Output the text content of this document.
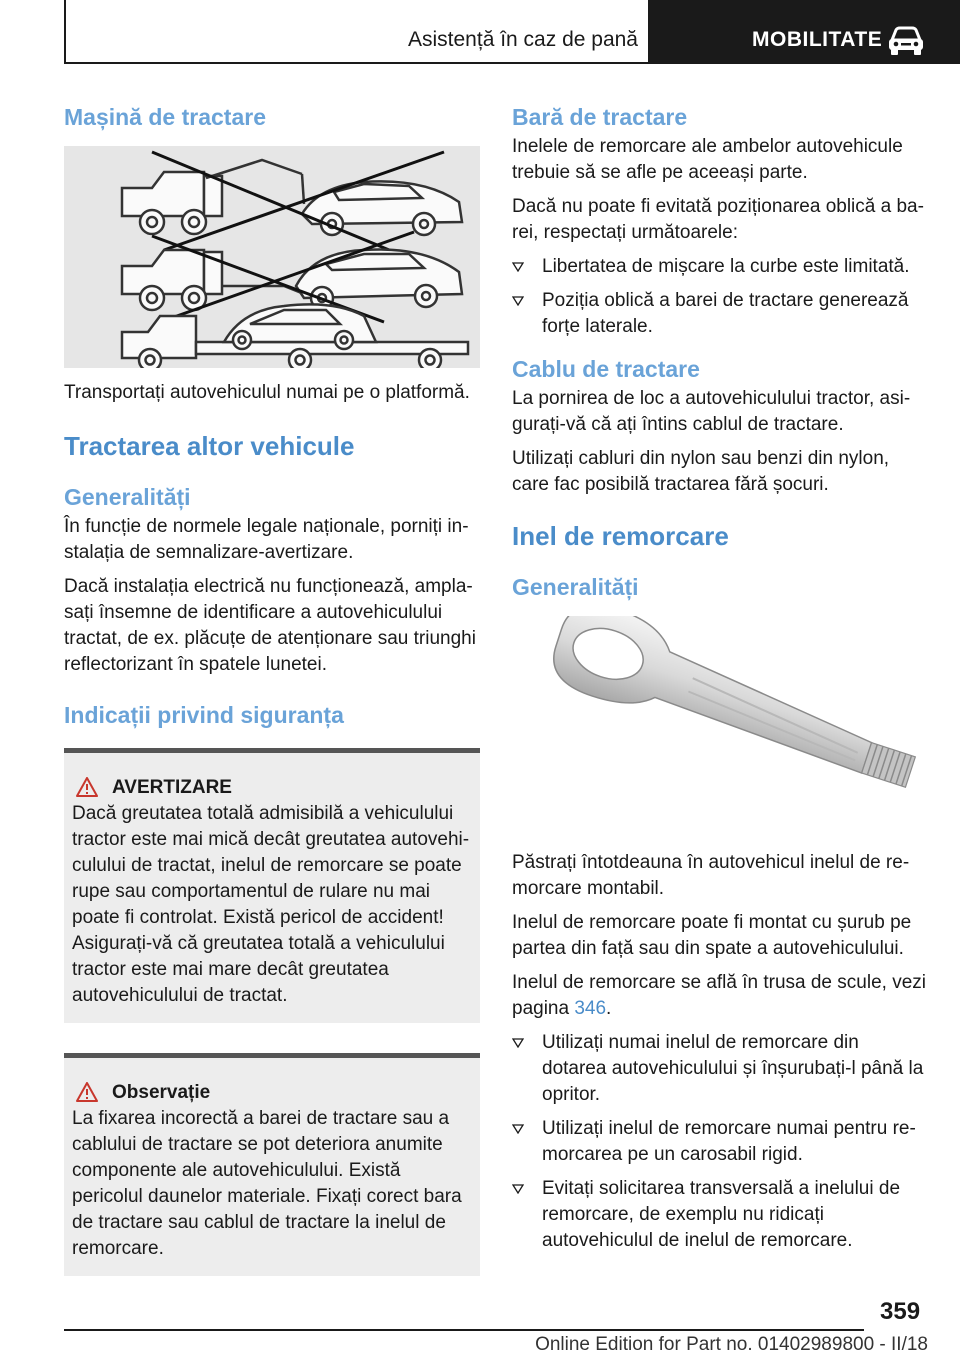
Asistență în caz de pană	MOBILITATE
Mașină de tractare

Transportați autovehiculul numai pe o platformă.

Tractarea altor vehicule
Generalități

În funcție de normele legale naționale, porniți instalația de semnalizare-avertizare.

Dacă instalația electrică nu funcționează, amplasați însemne de identificare a autovehiculului tractat, de ex. plăcuțe de atenționare sau triunghi reflectorizant în spatele lunetei.

Indicații privind siguranța
AVERTIZARE

Dacă greutatea totală admisibilă a vehiculului tractor este mai mică decât greutatea autovehiculului de tractat, inelul de remorcare se poate rupe sau comportamentul de rulare nu mai poate fi controlat. Există pericol de accident!

Asigurați-vă că greutatea totală a vehiculului tractor este mai mare decât greutatea autovehiculului de tractat.

Observație

La fixarea incorectă a barei de tractare sau a cablului de tractare se pot deteriora anumite componente ale autovehiculului. Există pericolul daunelor materiale. Fixați corect bara de tractare sau cablul de tractare la inelul de remorcare.

Bară de tractare

Inelele de remorcare ale ambelor autovehicule trebuie să se afle pe aceeași parte.

Dacă nu poate fi evitată poziționarea oblică a barei, respectați următoarele:

Libertatea de mișcare la curbe este limitată.
Poziția oblică a barei de tractare generează forțe laterale.
Cablu de tractare

La pornirea de loc a autovehiculului tractor, asigurați-vă că ați întins cablul de tractare.

Utilizați cabluri din nylon sau benzi din nylon, care fac posibilă tractarea fără șocuri.

Inel de remorcare
Generalități

Păstrați întotdeauna în autovehicul inelul de remorcare montabil.

Inelul de remorcare poate fi montat cu șurub pe partea din față sau din spate a autovehiculului.

Inelul de remorcare se află în trusa de scule, vezi pagina 346.

Utilizați numai inelul de remorcare din dotarea autovehiculului și înșurubați-l până la opritor.
Utilizați inelul de remorcare numai pentru remorcarea pe un carosabil rigid.
Evitați solicitarea transversală a inelului de remorcare, de exemplu nu ridicați autovehiculul de inelul de remorcare.
359
Online Edition for Part no. 01402989800 - II/18
